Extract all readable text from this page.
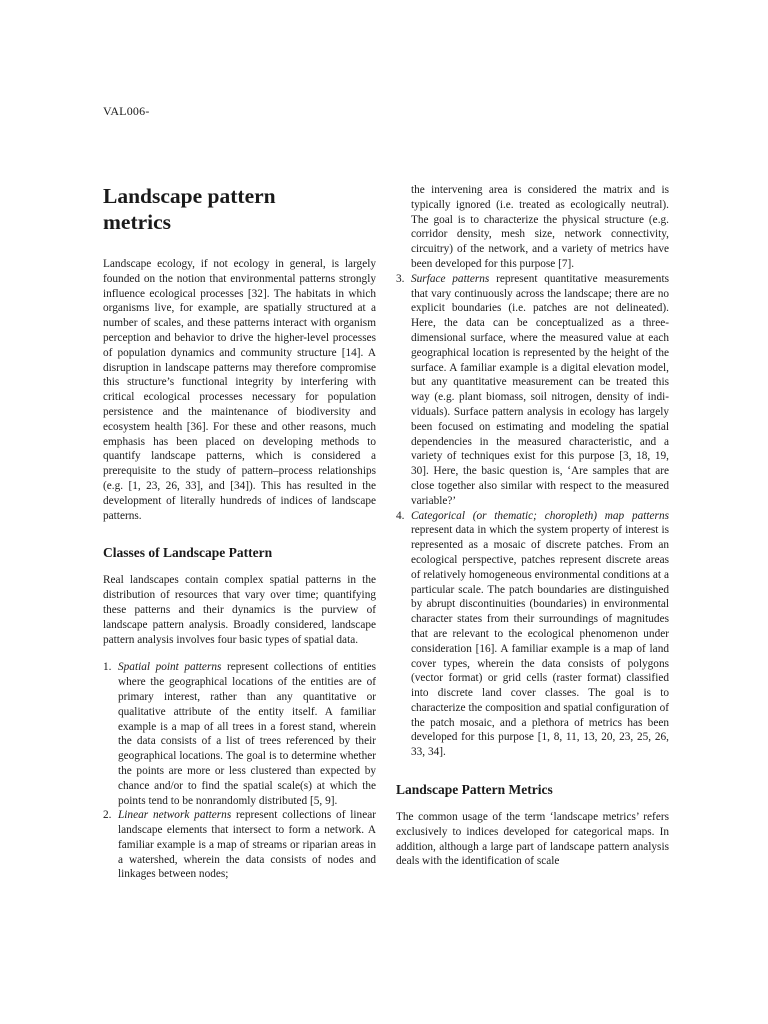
VAL006-
Landscape pattern metrics

Landscape ecology, if not ecology in general, is largely founded on the notion that environmental patterns strongly influence ecological processes [32]. The habitats in which organisms live, for example, are spatially structured at a number of scales, and these patterns interact with organism perception and behavior to drive the higher-level processes of population dynamics and community structure [14]. A disruption in landscape patterns may therefore compromise this structure’s functional integrity by interfering with critical ecological processes necessary for population persistence and the maintenance of biodiversity and ecosystem health [36]. For these and other reasons, much emphasis has been placed on developing methods to quantify landscape patterns, which is considered a prerequisite to the study of pattern–process relationships (e.g. [1, 23, 26, 33], and [34]). This has resulted in the development of literally hundreds of indices of landscape patterns.

Classes of Landscape Pattern

Real landscapes contain complex spatial patterns in the distribution of resources that vary over time; quantifying these patterns and their dynamics is the purview of landscape pattern analysis. Broadly considered, landscape pattern analysis involves four basic types of spatial data.

1. Spatial point patterns represent collections of entities where the geographical locations of the entities are of primary interest, rather than any quantitative or qualitative attribute of the entity itself. A familiar example is a map of all trees in a forest stand, wherein the data consists of a list of trees referenced by their geographical locations. The goal is to determine whether the points are more or less clustered than expected by chance and/or to find the spatial scale(s) at which the points tend to be nonrandomly distributed [5, 9].
2. Linear network patterns represent collections of linear landscape elements that intersect to form a network. A familiar example is a map of streams or riparian areas in a watershed, wherein the data consists of nodes and linkages between nodes;

the intervening area is considered the matrix and is typically ignored (i.e. treated as ecologically neutral). The goal is to characterize the physical structure (e.g. corridor density, mesh size, network connectivity, circuitry) of the network, and a variety of metrics have been developed for this purpose [7].

3. Surface patterns represent quantitative measurements that vary continuously across the landscape; there are no explicit boundaries (i.e. patches are not delineated). Here, the data can be conceptualized as a three-dimensional surface, where the measured value at each geographical location is represented by the height of the surface. A familiar example is a digital elevation model, but any quantitative measurement can be treated this way (e.g. plant biomass, soil nitrogen, density of individuals). Surface pattern analysis in ecology has largely been focused on estimating and modeling the spatial dependencies in the measured characteristic, and a variety of techniques exist for this purpose [3, 18, 19, 30]. Here, the basic question is, ‘Are samples that are close together also similar with respect to the measured variable?’
4. Categorical (or thematic; choropleth) map patterns represent data in which the system property of interest is represented as a mosaic of discrete patches. From an ecological perspective, patches represent discrete areas of relatively homogeneous environmental conditions at a particular scale. The patch boundaries are distinguished by abrupt discontinuities (boundaries) in environmental character states from their surroundings of magnitudes that are relevant to the ecological phenomenon under consideration [16]. A familiar example is a map of land cover types, wherein the data consists of polygons (vector format) or grid cells (raster format) classified into discrete land cover classes. The goal is to characterize the composition and spatial configuration of the patch mosaic, and a plethora of metrics has been developed for this purpose [1, 8, 11, 13, 20, 23, 25, 26, 33, 34].
Landscape Pattern Metrics

The common usage of the term ‘landscape metrics’ refers exclusively to indices developed for categorical maps. In addition, although a large part of landscape pattern analysis deals with the identification of scale
